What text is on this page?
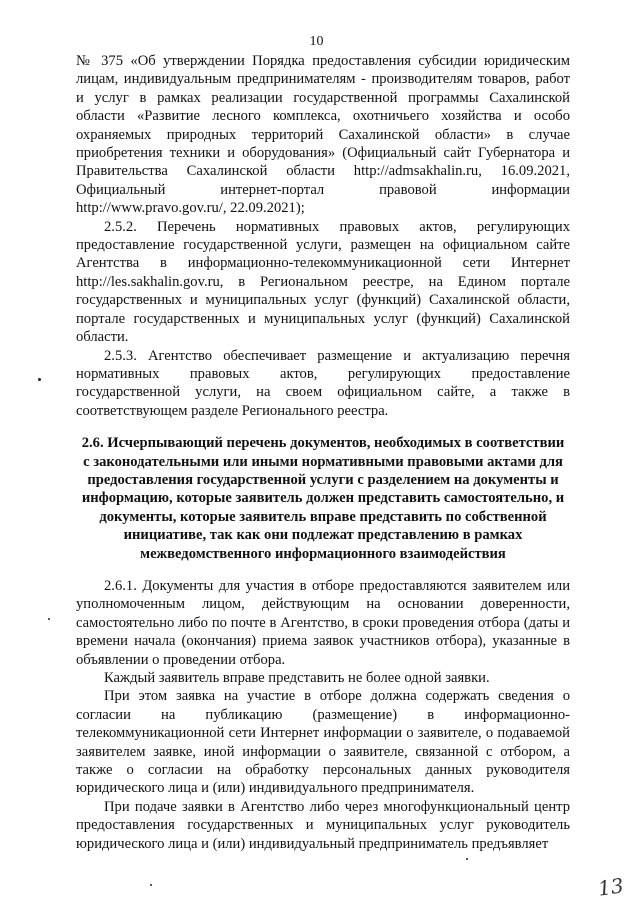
10

№ 375 «Об утверждении Порядка предоставления субсидии юридическим лицам, индивидуальным предпринимателям - производителям товаров, работ и услуг в рамках реализации государственной программы Сахалинской области «Развитие лесного комплекса, охотничьего хозяйства и особо охраняемых природных территорий Сахалинской области» в случае приобретения техники и оборудования» (Официальный сайт Губернатора и Правительства Сахалинской области http://admsakhalin.ru, 16.09.2021, Официальный интернет-портал правовой информации http://www.pravo.gov.ru/, 22.09.2021);

2.5.2. Перечень нормативных правовых актов, регулирующих предоставление государственной услуги, размещен на официальном сайте Агентства в информационно-телекоммуникационной сети Интернет http://les.sakhalin.gov.ru, в Региональном реестре, на Едином портале государственных и муниципальных услуг (функций) Сахалинской области, портале государственных и муниципальных услуг (функций) Сахалинской области.

2.5.3. Агентство обеспечивает размещение и актуализацию перечня нормативных правовых актов, регулирующих предоставление государственной услуги, на своем официальном сайте, а также в соответствующем разделе Регионального реестра.

2.6. Исчерпывающий перечень документов, необходимых в соответствии с законодательными или иными нормативными правовыми актами для предоставления государственной услуги с разделением на документы и информацию, которые заявитель должен представить самостоятельно, и документы, которые заявитель вправе представить по собственной инициативе, так как они подлежат представлению в рамках межведомственного информационного взаимодействия

2.6.1. Документы для участия в отборе предоставляются заявителем или уполномоченным лицом, действующим на основании доверенности, самостоятельно либо по почте в Агентство, в сроки проведения отбора (даты и времени начала (окончания) приема заявок участников отбора), указанные в объявлении о проведении отбора.

Каждый заявитель вправе представить не более одной заявки.

При этом заявка на участие в отборе должна содержать сведения о согласии на публикацию (размещение) в информационно-телекоммуникационной сети Интернет информации о заявителе, о подаваемой заявителем заявке, иной информации о заявителе, связанной с отбором, а также о согласии на обработку персональных данных руководителя юридического лица и (или) индивидуального предпринимателя.

При подаче заявки в Агентство либо через многофункциональный центр предоставления государственных и муниципальных услуг руководитель юридического лица и (или) индивидуальный предприниматель предъявляет

13
